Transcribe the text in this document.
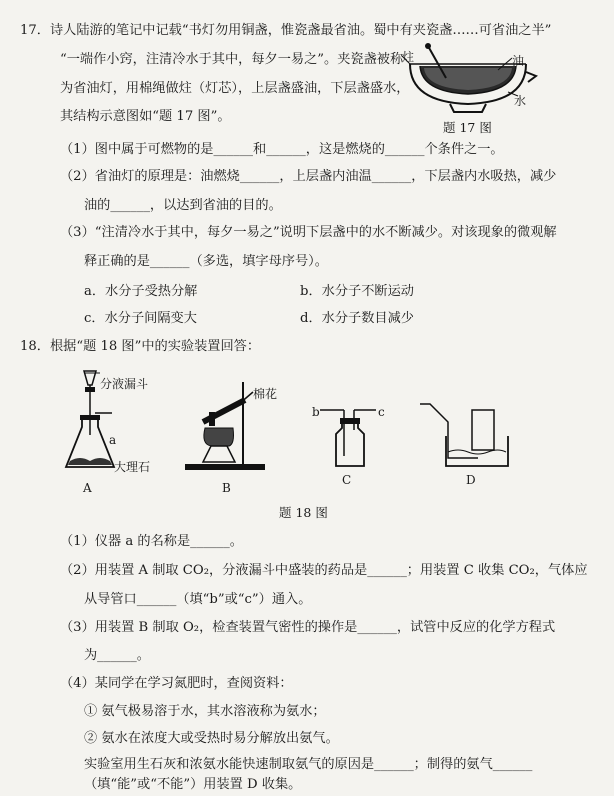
17．诗人陆游的笔记中记载“书灯勿用铜盏，惟瓷盏最省油。蜀中有夹瓷盏……可省油之半”
“一端作小窍，注清冷水于其中，每夕一易之”。夹瓷盏被称
为省油灯，用棉绳做炷（灯芯），上层盏盛油，下层盏盛水，
其结构示意图如“题 17 图”。
炷	油
水
题 17 图
（1）图中属于可燃物的是______和______，这是燃烧的______个条件之一。
（2）省油灯的原理是：油燃烧______，上层盏内油温______，下层盏内水吸热，减少
油的______，以达到省油的目的。
（3）“注清冷水于其中，每夕一易之”说明下层盏中的水不断减少。对该现象的微观解
释正确的是______（多选，填字母序号）。
a．水分子受热分解	b．水分子不断运动
c．水分子间隔变大	d．水分子数目减少
18．根据“题 18 图”中的实验装置回答：
分液漏斗
a
大理石
A
棉花
B
b	c
C	D
题 18 图
（1）仪器 a 的名称是______。
（2）用装置 A 制取 CO₂，分液漏斗中盛装的药品是______；用装置 C 收集 CO₂，气体应
从导管口______（填“b”或“c”）通入。
（3）用装置 B 制取 O₂，检查装置气密性的操作是______，试管中反应的化学方程式
为______。
（4）某同学在学习氮肥时，查阅资料：
① 氨气极易溶于水，其水溶液称为氨水；
② 氨水在浓度大或受热时易分解放出氨气。
实验室用生石灰和浓氨水能快速制取氨气的原因是______；制得的氨气______
（填“能”或“不能”）用装置 D 收集。
